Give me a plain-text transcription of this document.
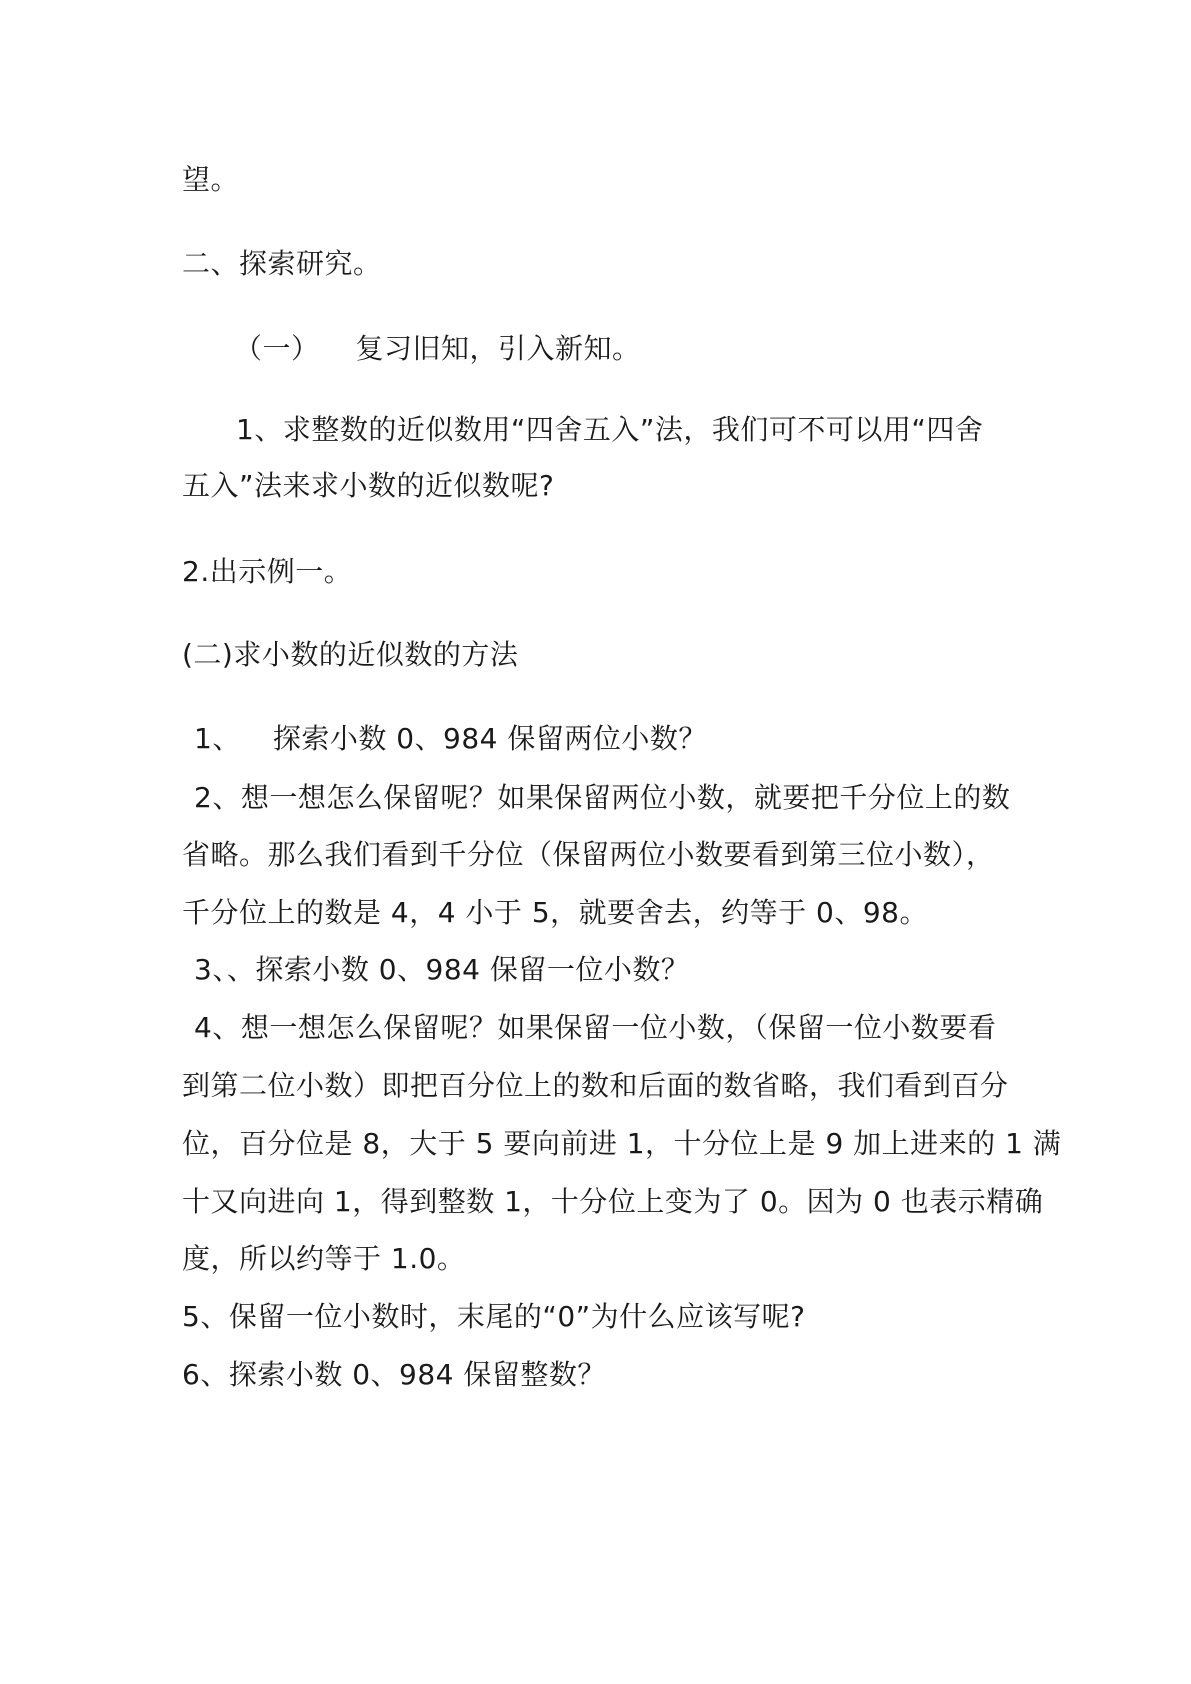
望。
二、探索研究。
（一） 复习旧知，引入新知。
1、求整数的近似数用“四舍五入”法，我们可不可以用“四舍
五入”法来求小数的近似数呢?
2.出示例一。
(二)求小数的近似数的方法
1、 探索小数 0、984 保留两位小数？
2、想一想怎么保留呢？如果保留两位小数，就要把千分位上的数
省略。那么我们看到千分位（保留两位小数要看到第三位小数），
千分位上的数是 4，4 小于 5，就要舍去，约等于 0、98。
3、、探索小数 0、984 保留一位小数？
4、想一想怎么保留呢？如果保留一位小数，（保留一位小数要看
到第二位小数）即把百分位上的数和后面的数省略，我们看到百分
位，百分位是 8，大于 5 要向前进 1，十分位上是 9 加上进来的 1 满
十又向进向 1，得到整数 1，十分位上变为了 0。因为 0 也表示精确
度，所以约等于 1.0。
5、保留一位小数时，末尾的“0”为什么应该写呢?
6、探索小数 0、984 保留整数？
